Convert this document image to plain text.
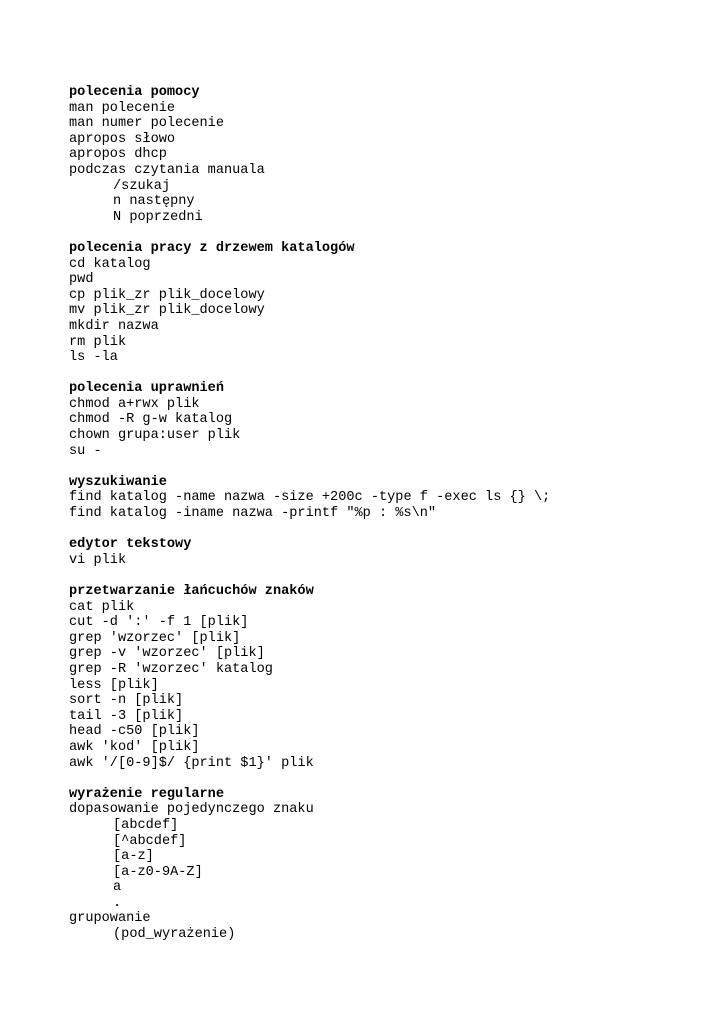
polecenia pomocy
man polecenie
man numer polecenie
apropos słowo
apropos dhcp
podczas czytania manuala
/szukaj
n następny
N poprzedni
polecenia pracy z drzewem katalogów
cd katalog
pwd
cp plik_zr plik_docelowy
mv plik_zr plik_docelowy
mkdir nazwa
rm plik
ls -la
polecenia uprawnień
chmod a+rwx plik
chmod -R g-w katalog
chown grupa:user plik
su -
wyszukiwanie
find katalog -name nazwa -size +200c -type f -exec ls {} \;
find katalog -iname nazwa -printf "%p : %s\n"
edytor tekstowy
vi plik
przetwarzanie łańcuchów znaków
cat plik
cut -d ':' -f 1 [plik]
grep 'wzorzec' [plik]
grep -v 'wzorzec' [plik]
grep -R 'wzorzec' katalog
less [plik]
sort -n [plik]
tail -3 [plik]
head -c50 [plik]
awk 'kod' [plik]
awk '/[0-9]$/ {print $1}' plik
wyrażenie regularne
dopasowanie pojedynczego znaku
[abcdef]
[^abcdef]
[a-z]
[a-z0-9A-Z]
a
.
grupowanie
(pod_wyrażenie)
